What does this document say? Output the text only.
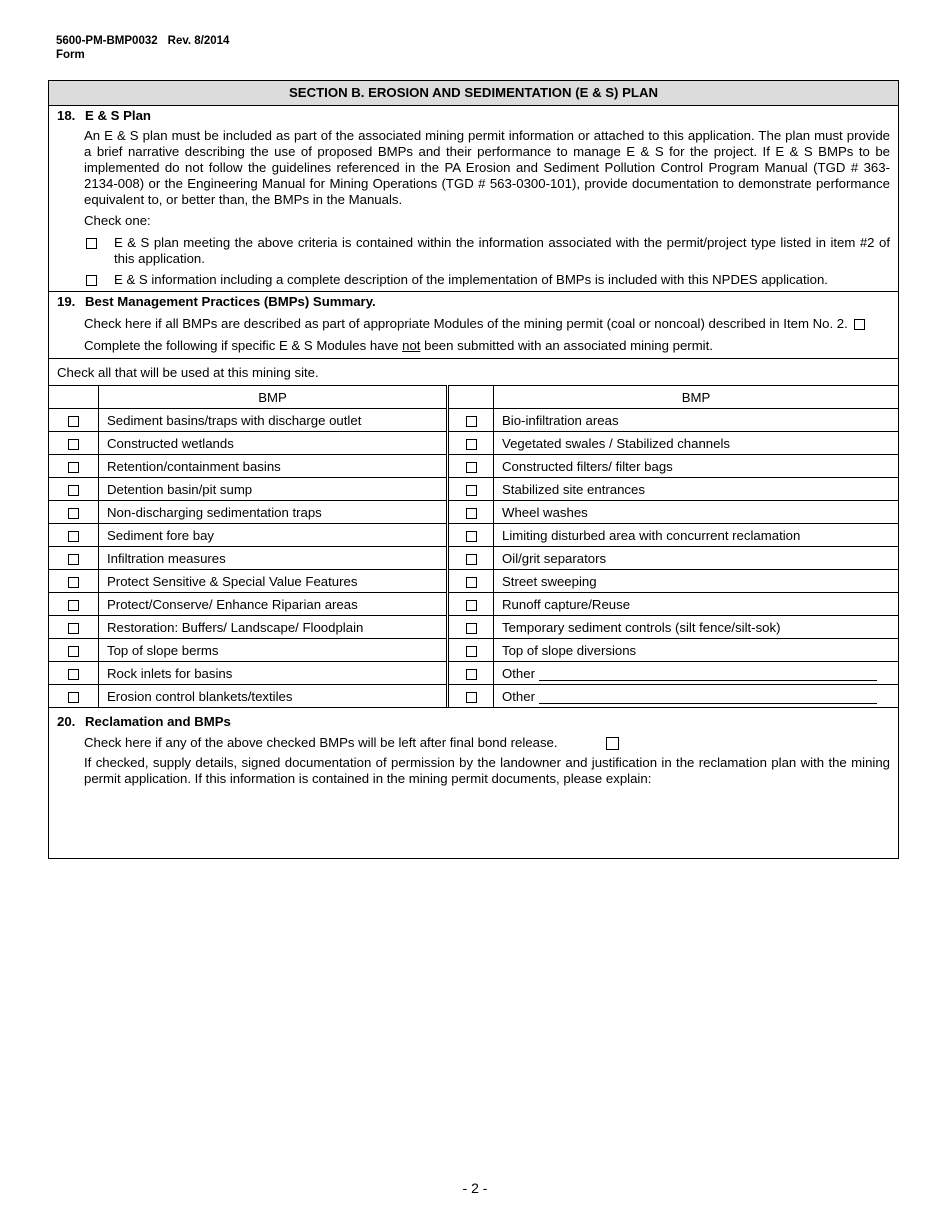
5600-PM-BMP0032 Rev. 8/2014
Form
SECTION B. EROSION AND SEDIMENTATION (E & S) PLAN
18. E & S Plan
An E & S plan must be included as part of the associated mining permit information or attached to this application. The plan must provide a brief narrative describing the use of proposed BMPs and their performance to manage E & S for the project. If E & S BMPs to be implemented do not follow the guidelines referenced in the PA Erosion and Sediment Pollution Control Program Manual (TGD # 363-2134-008) or the Engineering Manual for Mining Operations (TGD # 563-0300-101), provide documentation to demonstrate performance equivalent to, or better than, the BMPs in the Manuals.
Check one:
E & S plan meeting the above criteria is contained within the information associated with the permit/project type listed in item #2 of this application.
E & S information including a complete description of the implementation of BMPs is included with this NPDES application.
19. Best Management Practices (BMPs) Summary.
Check here if all BMPs are described as part of appropriate Modules of the mining permit (coal or noncoal) described in Item No. 2.
Complete the following if specific E & S Modules have not been submitted with an associated mining permit.
Check all that will be used at this mining site.
	BMP		BMP
	Sediment basins/traps with discharge outlet		Bio-infiltration areas
	Constructed wetlands		Vegetated swales / Stabilized channels
	Retention/containment basins		Constructed filters/ filter bags
	Detention basin/pit sump		Stabilized site entrances
	Non-discharging sedimentation traps		Wheel washes
	Sediment fore bay		Limiting disturbed area with concurrent reclamation
	Infiltration measures		Oil/grit separators
	Protect Sensitive & Special Value Features		Street sweeping
	Protect/Conserve/ Enhance Riparian areas		Runoff capture/Reuse
	Restoration: Buffers/ Landscape/ Floodplain		Temporary sediment controls (silt fence/silt-sok)
	Top of slope berms		Top of slope diversions
	Rock inlets for basins		Other
	Erosion control blankets/textiles		Other
20. Reclamation and BMPs
Check here if any of the above checked BMPs will be left after final bond release.
If checked, supply details, signed documentation of permission by the landowner and justification in the reclamation plan with the mining permit application. If this information is contained in the mining permit documents, please explain:
- 2 -
